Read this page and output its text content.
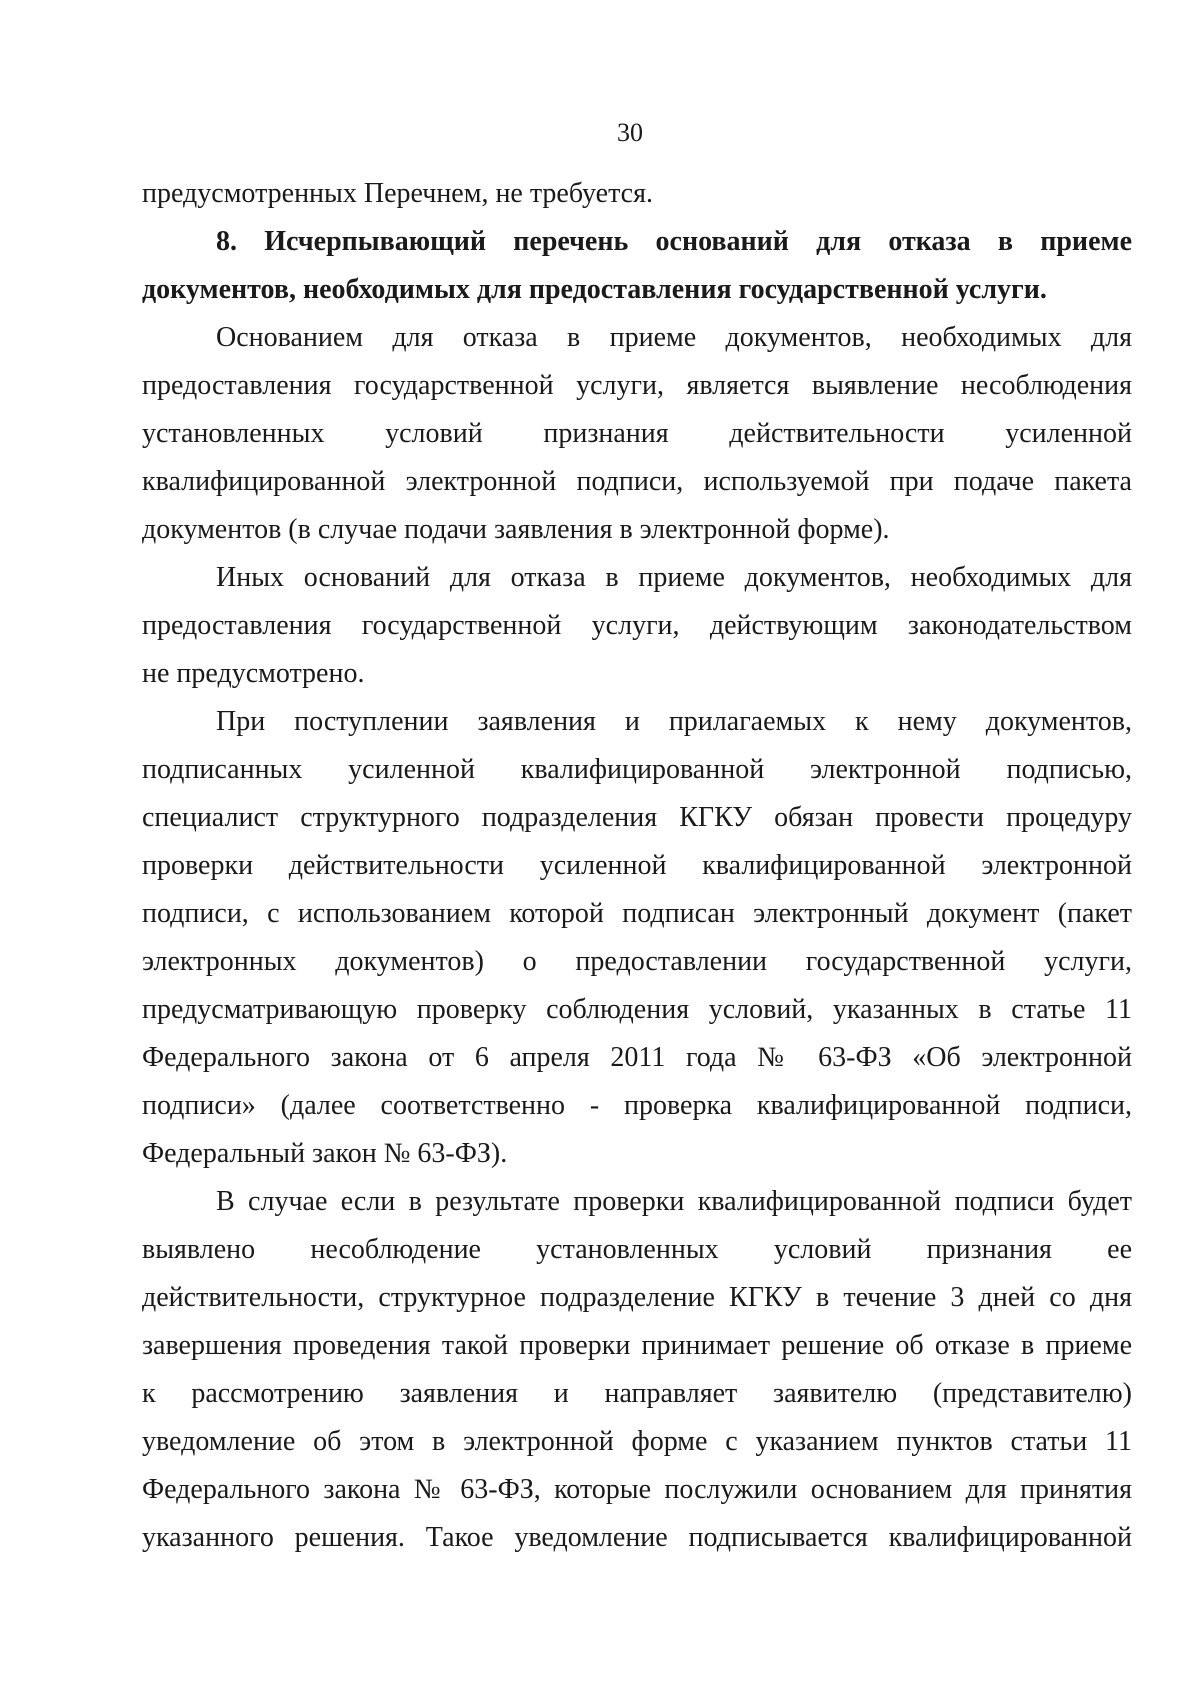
30
предусмотренных Перечнем, не требуется.
8. Исчерпывающий перечень оснований для отказа в приеме
документов, необходимых для предоставления государственной услуги.
Основанием для отказа в приеме документов, необходимых для
предоставления государственной услуги, является выявление несоблюдения
установленных условий признания действительности усиленной
квалифицированной электронной подписи, используемой при подаче пакета
документов (в случае подачи заявления в электронной форме).
Иных оснований для отказа в приеме документов, необходимых для
предоставления государственной услуги, действующим законодательством
не предусмотрено.
При поступлении заявления и прилагаемых к нему документов,
подписанных усиленной квалифицированной электронной подписью,
специалист структурного подразделения КГКУ обязан провести процедуру
проверки действительности усиленной квалифицированной электронной
подписи, с использованием которой подписан электронный документ (пакет
электронных документов) о предоставлении государственной услуги,
предусматривающую проверку соблюдения условий, указанных в статье 11
Федерального закона от 6 апреля 2011 года № 63-ФЗ «Об электронной
подписи» (далее соответственно - проверка квалифицированной подписи,
Федеральный закон № 63-ФЗ).
В случае если в результате проверки квалифицированной подписи будет
выявлено несоблюдение установленных условий признания ее
действительности, структурное подразделение КГКУ в течение 3 дней со дня
завершения проведения такой проверки принимает решение об отказе в приеме
к рассмотрению заявления и направляет заявителю (представителю)
уведомление об этом в электронной форме с указанием пунктов статьи 11
Федерального закона № 63-ФЗ, которые послужили основанием для принятия
указанного решения. Такое уведомление подписывается квалифицированной
